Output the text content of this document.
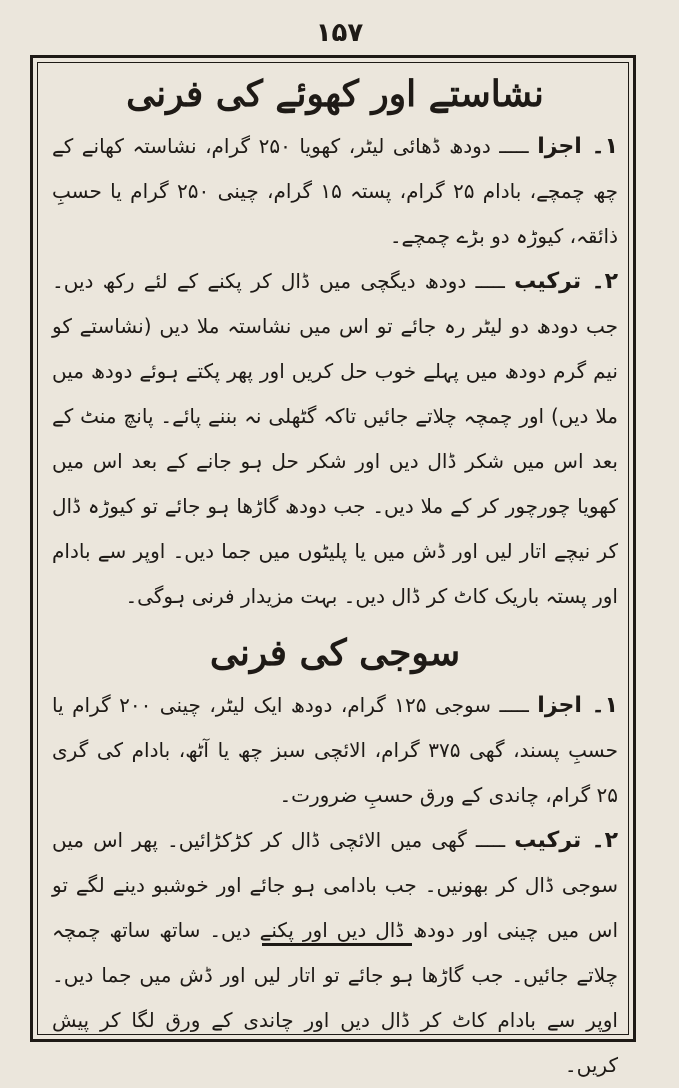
۱۵۷
نشاستے اور کھوئے کی فرنی

۱۔ اجزا ـــــ دودھ ڈھائی لیٹر، کھویا ۲۵۰ گرام، نشاستہ کھانے کے چھ چمچے، بادام ۲۵ گرام، پستہ ۱۵ گرام، چینی ۲۵۰ گرام یا حسبِ ذائقہ، کیوڑہ دو بڑے چمچے۔

۲۔ ترکیب ـــــ دودھ دیگچی میں ڈال کر پکنے کے لئے رکھ دیں۔ جب دودھ دو لیٹر رہ جائے تو اس میں نشاستہ ملا دیں (نشاستے کو نیم گرم دودھ میں پہلے خوب حل کریں اور پھر پکتے ہوئے دودھ میں ملا دیں) اور چمچہ چلاتے جائیں تاکہ گٹھلی نہ بننے پائے۔ پانچ منٹ کے بعد اس میں شکر ڈال دیں اور شکر حل ہو جانے کے بعد اس میں کھویا چورچور کر کے ملا دیں۔ جب دودھ گاڑھا ہو جائے تو کیوڑہ ڈال کر نیچے اتار لیں اور ڈش میں یا پلیٹوں میں جما دیں۔ اوپر سے بادام اور پستہ باریک کاٹ کر ڈال دیں۔ بہت مزیدار فرنی ہوگی۔

سوجی کی فرنی

۱۔ اجزا ـــــ سوجی ۱۲۵ گرام، دودھ ایک لیٹر، چینی ۲۰۰ گرام یا حسبِ پسند، گھی ۳۷۵ گرام، الائچی سبز چھ یا آٹھ، بادام کی گری ۲۵ گرام، چاندی کے ورق حسبِ ضرورت۔

۲۔ ترکیب ـــــ گھی میں الائچی ڈال کر کڑکڑائیں۔ پھر اس میں سوجی ڈال کر بھونیں۔ جب بادامی ہو جائے اور خوشبو دینے لگے تو اس میں چینی اور دودھ ڈال دیں اور پکنے دیں۔ ساتھ ساتھ چمچہ چلاتے جائیں۔ جب گاڑھا ہو جائے تو اتار لیں اور ڈش میں جما دیں۔ اوپر سے بادام کاٹ کر ڈال دیں اور چاندی کے ورق لگا کر پیش کریں۔
